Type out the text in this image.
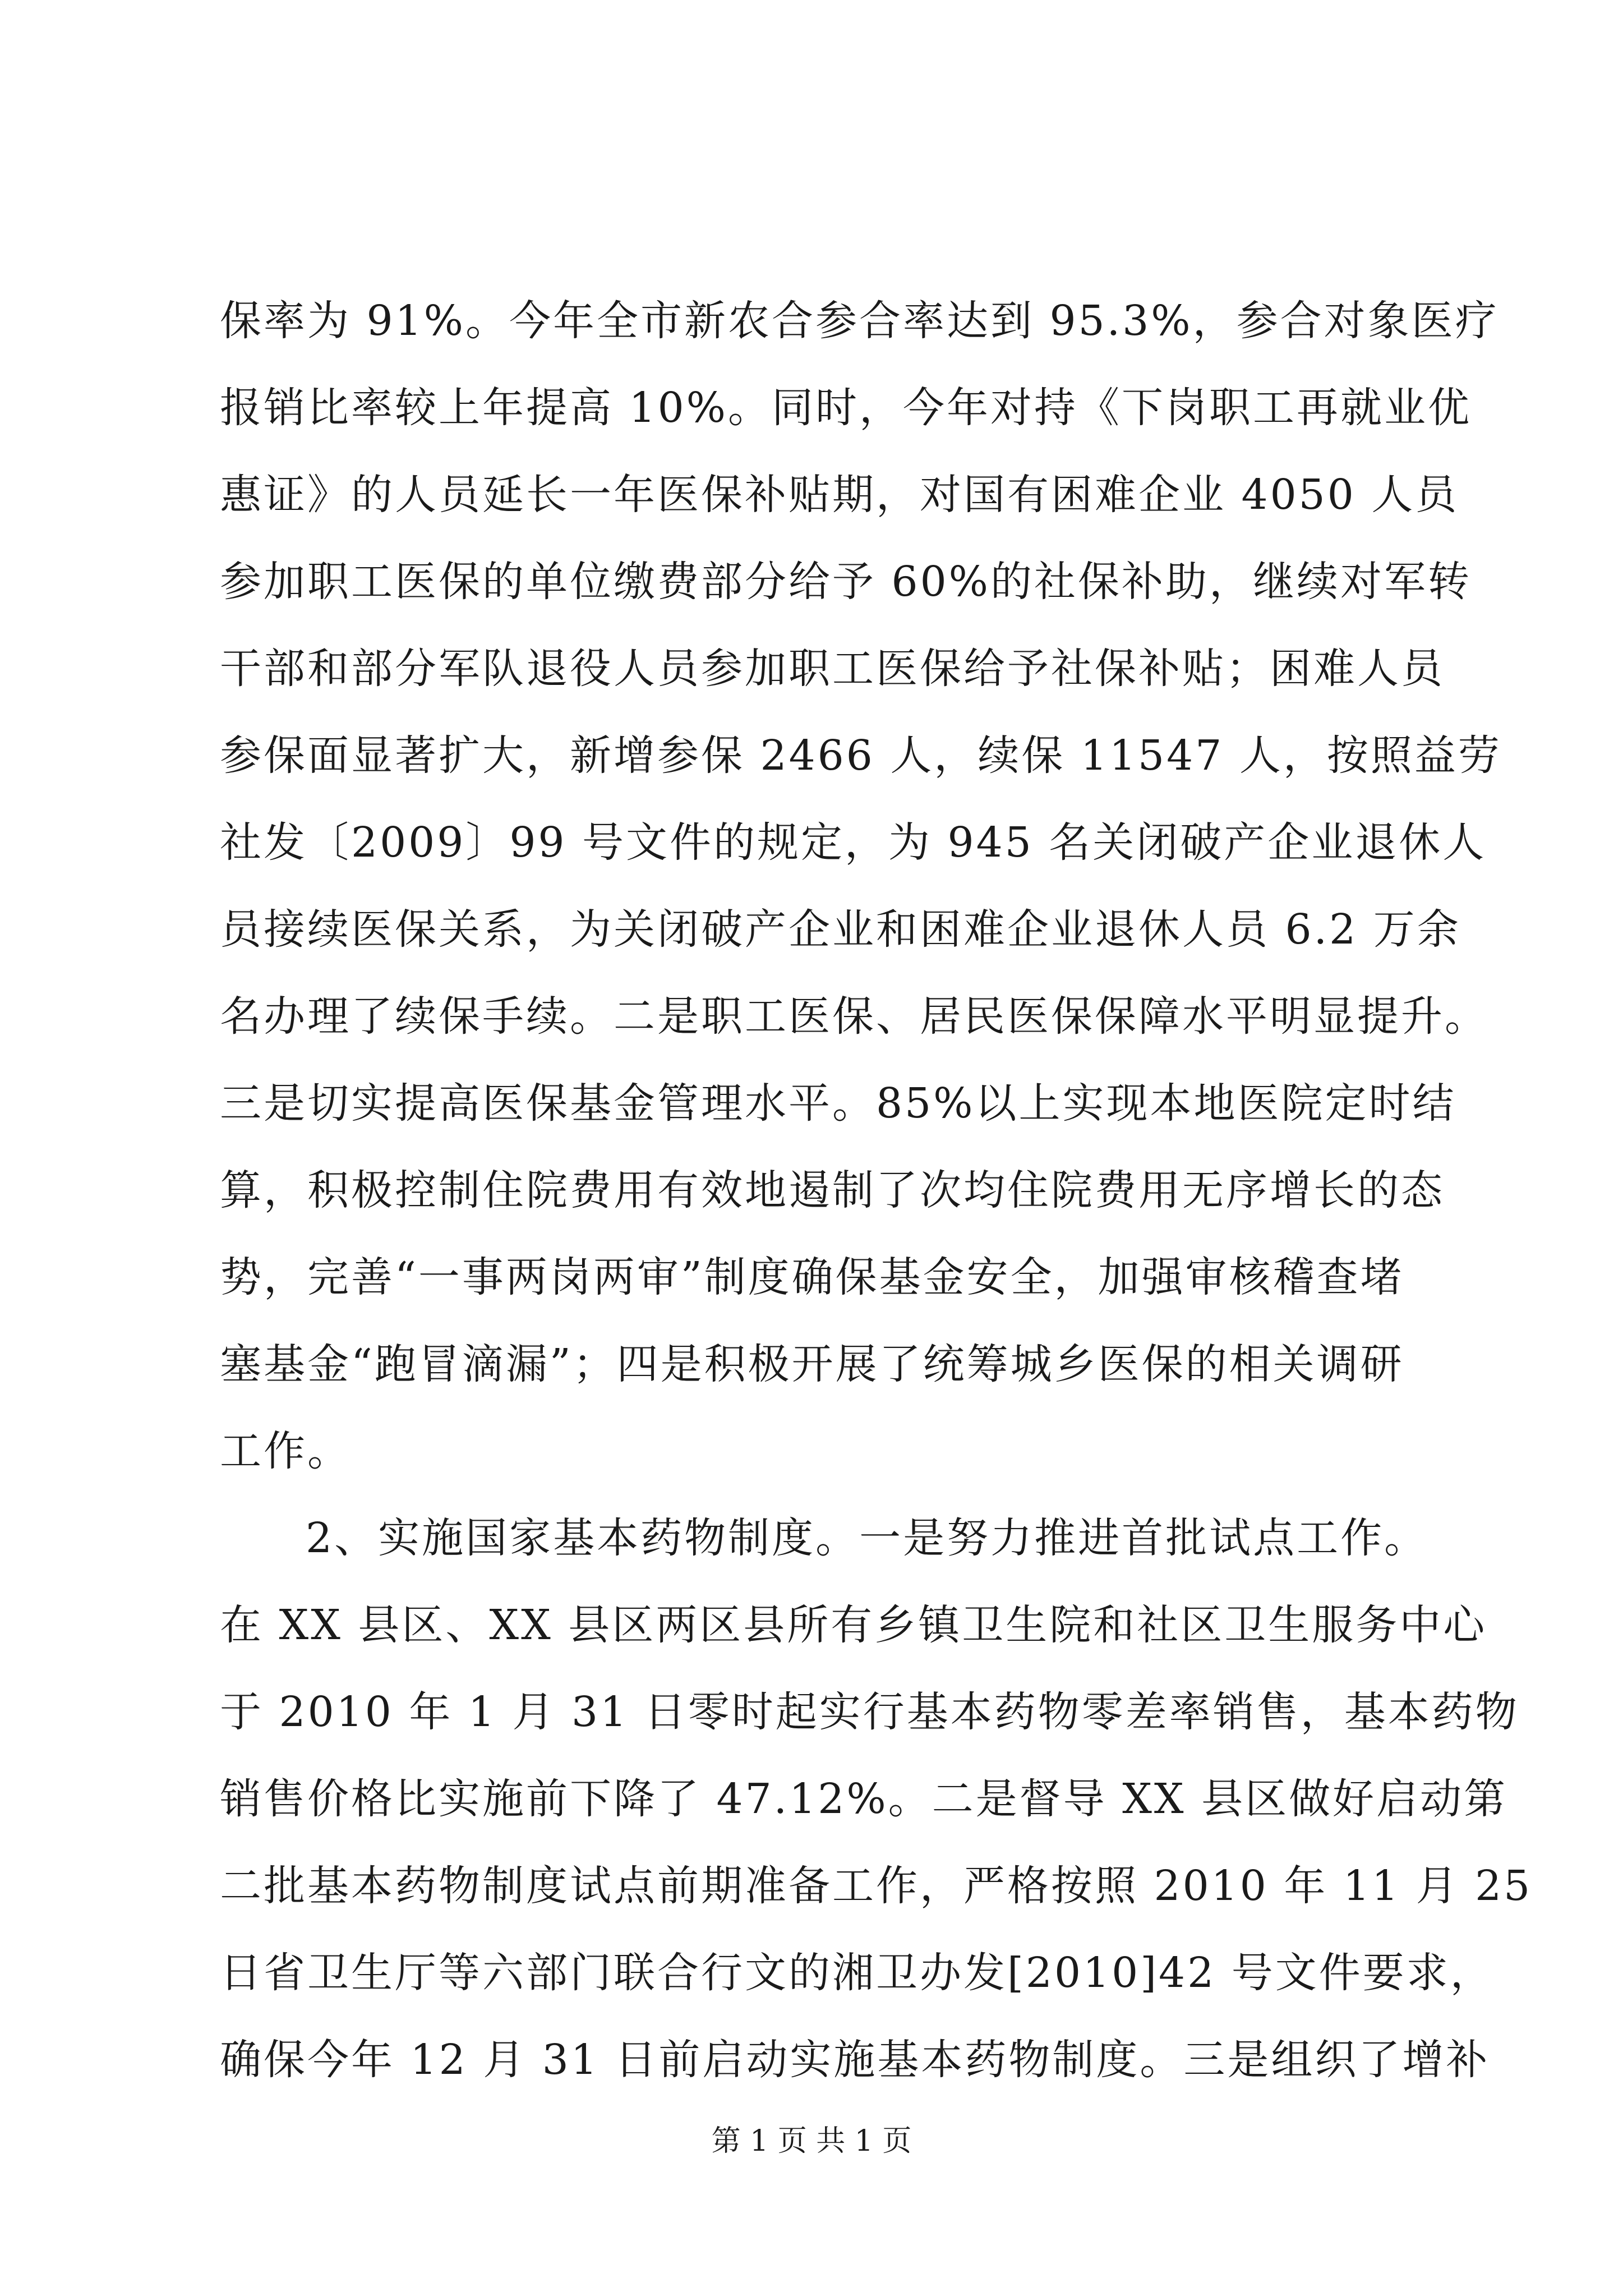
保率为 91%。今年全市新农合参合率达到 95.3%，参合对象医疗
报销比率较上年提高 10%。同时，今年对持《下岗职工再就业优
惠证》的人员延长一年医保补贴期，对国有困难企业 4050 人员
参加职工医保的单位缴费部分给予 60%的社保补助，继续对军转
干部和部分军队退役人员参加职工医保给予社保补贴；困难人员
参保面显著扩大，新增参保 2466 人，续保 11547 人，按照益劳
社发〔2009〕99 号文件的规定，为 945 名关闭破产企业退休人
员接续医保关系，为关闭破产企业和困难企业退休人员 6.2 万余
名办理了续保手续。二是职工医保、居民医保保障水平明显提升。
三是切实提高医保基金管理水平。85%以上实现本地医院定时结
算，积极控制住院费用有效地遏制了次均住院费用无序增长的态
势，完善“一事两岗两审”制度确保基金安全，加强审核稽查堵
塞基金“跑冒滴漏”；四是积极开展了统筹城乡医保的相关调研
工作。
2、实施国家基本药物制度。一是努力推进首批试点工作。
在 XX 县区、XX 县区两区县所有乡镇卫生院和社区卫生服务中心
于 2010 年 1 月 31 日零时起实行基本药物零差率销售，基本药物
销售价格比实施前下降了 47.12%。二是督导 XX 县区做好启动第
二批基本药物制度试点前期准备工作，严格按照 2010 年 11 月 25
日省卫生厅等六部门联合行文的湘卫办发[2010]42 号文件要求，
确保今年 12 月 31 日前启动实施基本药物制度。三是组织了增补
第 1 页 共 1 页
